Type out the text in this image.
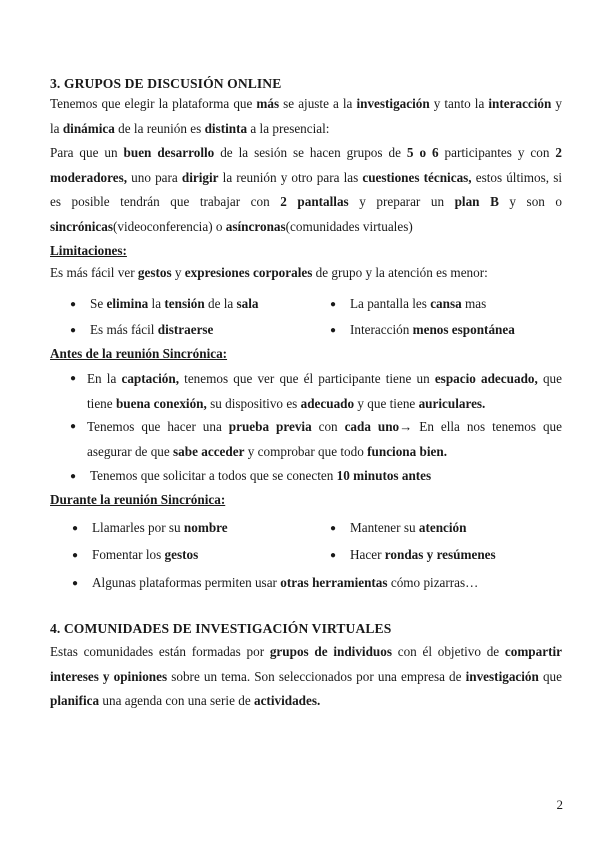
3. GRUPOS DE DISCUSIÓN ONLINE

Tenemos que elegir la plataforma que más se ajuste a la investigación y tanto la interacción y la dinámica de la reunión es distinta a la presencial:

Para que un buen desarrollo de la sesión se hacen grupos de 5 o 6 participantes y con 2 moderadores, uno para dirigir la reunión y otro para las cuestiones técnicas, estos últimos, si es posible tendrán que trabajar con 2 pantallas y preparar un plan B y son o sincrónicas(videoconferencia) o asíncronas(comunidades virtuales)

Limitaciones:

Es más fácil ver gestos y expresiones corporales de grupo y la atención es menor:

● Se elimina la tensión de la sala	● La pantalla les cansa mas
● Es más fácil distraerse	● Interacción menos espontánea
Antes de la reunión Sincrónica:
● En la captación, tenemos que ver que él participante tiene un espacio adecuado, que tiene buena conexión, su dispositivo es adecuado y que tiene auriculares.
● Tenemos que hacer una prueba previa con cada uno→ En ella nos tenemos que asegurar de que sabe acceder y comprobar que todo funciona bien.
● Tenemos que solicitar a todos que se conecten 10 minutos antes
Durante la reunión Sincrónica:
● Llamarles por su nombre	● Mantener su atención
● Fomentar los gestos	● Hacer rondas y resúmenes
● Algunas plataformas permiten usar otras herramientas cómo pizarras…
4. COMUNIDADES DE INVESTIGACIÓN VIRTUALES

Estas comunidades están formadas por grupos de individuos con él objetivo de compartir intereses y opiniones sobre un tema. Son seleccionados por una empresa de investigación que planifica una agenda con una serie de actividades.

2
